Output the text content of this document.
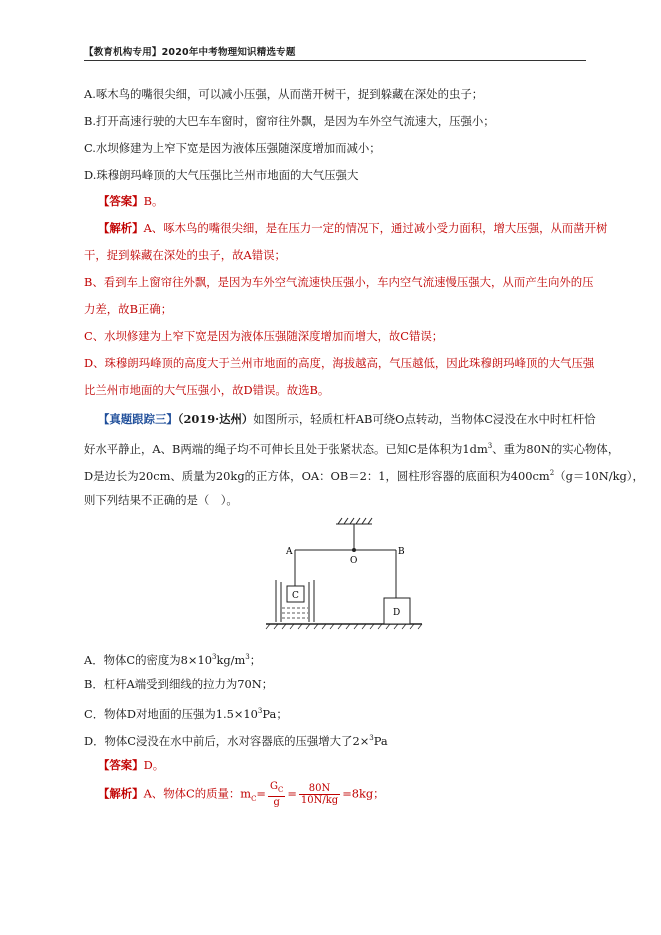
【教育机构专用】2020年中考物理知识精选专题
A.啄木鸟的嘴很尖细，可以减小压强，从而凿开树干，捉到躲藏在深处的虫子；
B.打开高速行驶的大巴车车窗时，窗帘往外飘，是因为车外空气流速大，压强小；
C.水坝修建为上窄下宽是因为液体压强随深度增加而减小；
D.珠穆朗玛峰顶的大气压强比兰州市地面的大气压强大
【答案】B。
【解析】A、啄木鸟的嘴很尖细，是在压力一定的情况下，通过减小受力面积，增大压强，从而凿开树
干，捉到躲藏在深处的虫子，故A错误；
B、看到车上窗帘往外飘，是因为车外空气流速快压强小，车内空气流速慢压强大，从而产生向外的压
力差，故B正确；
C、水坝修建为上窄下宽是因为液体压强随深度增加而增大，故C错误；
D、珠穆朗玛峰顶的高度大于兰州市地面的高度，海拔越高，气压越低，因此珠穆朗玛峰顶的大气压强
比兰州市地面的大气压强小，故D错误。故选B。
【真题跟踪三】（2019·达州）如图所示，轻质杠杆AB可绕O点转动，当物体C浸没在水中时杠杆恰
好水平静止，A、B两端的绳子均不可伸长且处于张紧状态。已知C是体积为$1dm^3$、重为80N的实心物体，
D是边长为20cm、质量为20kg的正方体，OA：OB＝2：1，圆柱形容器的底面积为$400cm^2(g=10N/kg)$，
则下列结果不正确的是（　）。
A	B
O
C
D
A．物体C的密度为$8\times 10^3kg/m^3$；
B．杠杆A端受到细线的拉力为70N；
C．物体D对地面的压强为$1.5\times 10^3Pa$；
D．物体C浸没在水中前后，水对容器底的压强增大了2×$^3$Pa
【答案】D。
【解析】A、物体C的质量：$m_C= \frac{G_C}{g} = \frac{80N}{10N/kg} =8kg$；
